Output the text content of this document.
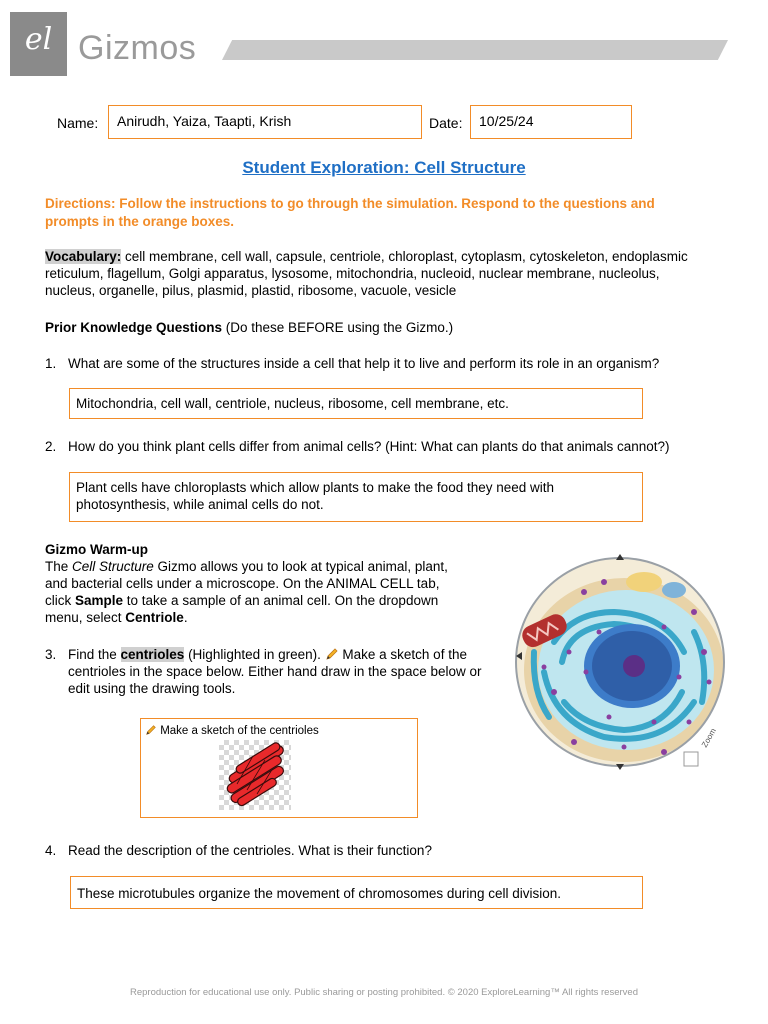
el Gizmos
Name:	Anirudh, Yaiza, Taapti, Krish	Date:	10/25/24
Student Exploration: Cell Structure
Directions: Follow the instructions to go through the simulation. Respond to the questions and
prompts in the orange boxes.
Vocabulary: cell membrane, cell wall, capsule, centriole, chloroplast, cytoplasm, cytoskeleton, endoplasmic
reticulum, flagellum, Golgi apparatus, lysosome, mitochondria, nucleoid, nuclear membrane, nucleolus,
nucleus, organelle, pilus, plasmid, plastid, ribosome, vacuole, vesicle
Prior Knowledge Questions (Do these BEFORE using the Gizmo.)
1. What are some of the structures inside a cell that help it to live and perform its role in an organism?
Mitochondria, cell wall, centriole, nucleus, ribosome, cell membrane, etc.
2. How do you think plant cells differ from animal cells? (Hint: What can plants do that animals cannot?)
Plant cells have chloroplasts which allow plants to make the food they need with
photosynthesis, while animal cells do not.
Gizmo Warm-up
The Cell Structure Gizmo allows you to look at typical animal, plant,
and bacterial cells under a microscope. On the ANIMAL CELL tab,
click Sample to take a sample of an animal cell. On the dropdown
menu, select Centriole.
3. Find the centrioles (Highlighted in green).  Make a sketch of the
centrioles in the space below. Either hand draw in the space below or
edit using the drawing tools.
Make a sketch of the centrioles	Zoom
4. Read the description of the centrioles. What is their function?
These microtubules organize the movement of chromosomes during cell division.
Reproduction for educational use only. Public sharing or posting prohibited. © 2020 ExploreLearning™ All rights reserved
